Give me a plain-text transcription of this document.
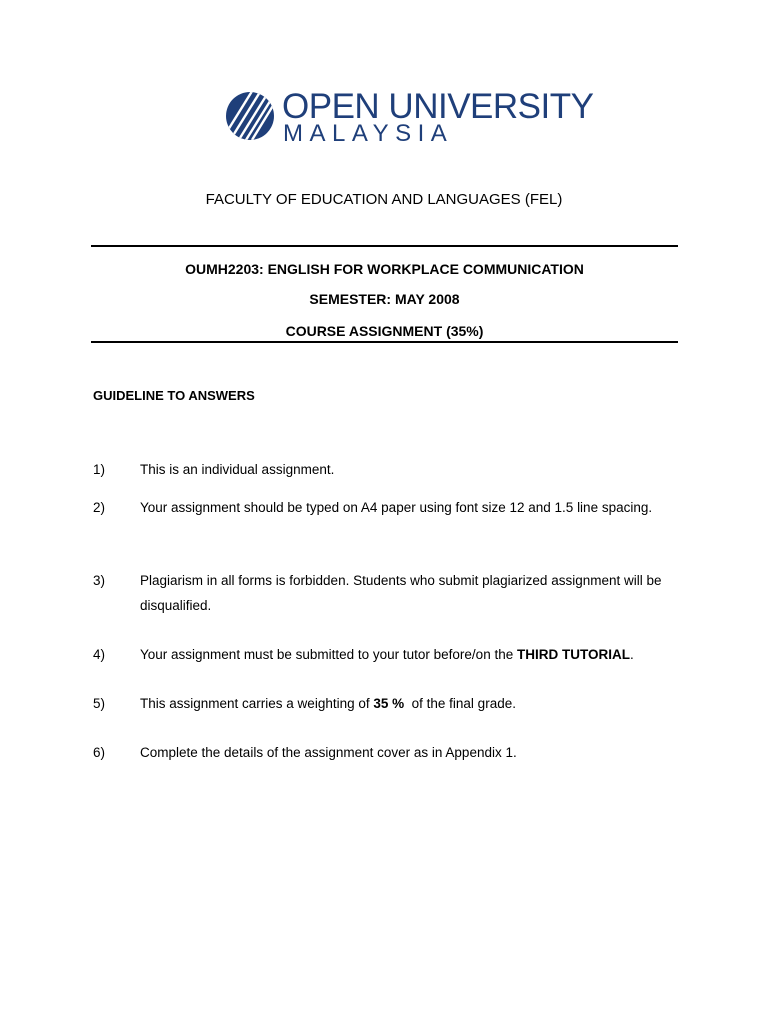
OPEN UNIVERSITY
MALAYSIA
FACULTY OF EDUCATION AND LANGUAGES (FEL)
OUMH2203: ENGLISH FOR WORKPLACE COMMUNICATION
SEMESTER: MAY 2008
COURSE ASSIGNMENT (35%)
GUIDELINE TO ANSWERS
1)	This is an individual assignment.
2)	Your assignment should be typed on A4 paper using font size 12 and 1.5 line spacing.
3)	Plagiarism in all forms is forbidden. Students who submit plagiarized assignment will be disqualified.
4)	Your assignment must be submitted to your tutor before/on the THIRD TUTORIAL.
5)	This assignment carries a weighting of 35 %  of the final grade.
6)	Complete the details of the assignment cover as in Appendix 1.
